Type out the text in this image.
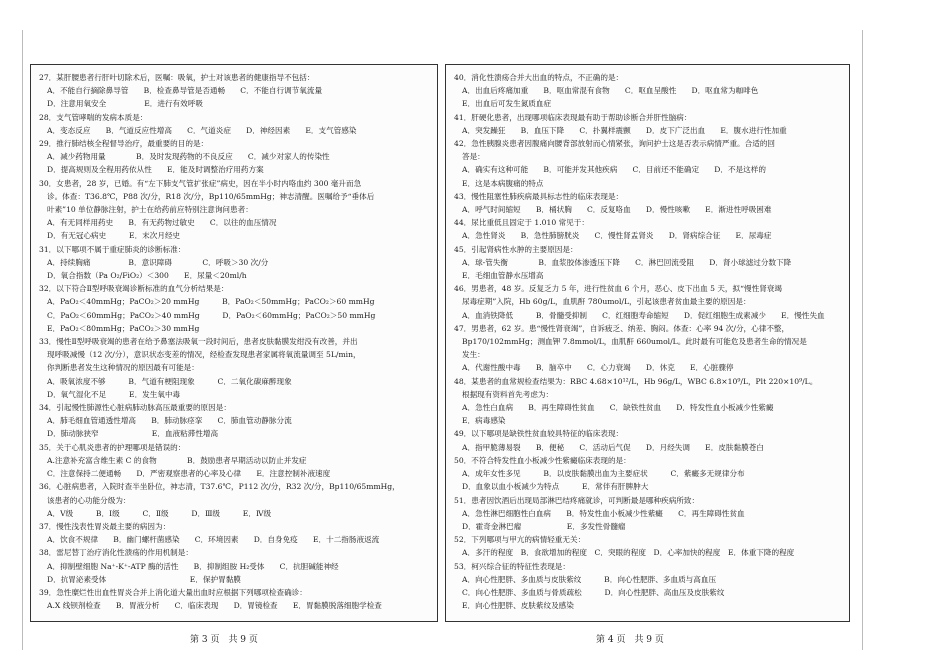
27．某肝腰患者行肝叶切除术后，医嘱：吸氧，护士对该患者的健康指导不包括：
A．不能自行摘除鼻导管　　B．检查鼻导管是否通畅　　C．不能自行调节氧流量
D．注意用氧安全　　　　　E．进行有效呼吸
28．支气管哮喘的发病本质是：
A．变态反应　　B．气道反应性增高　　C．气道炎症　　D．神经因素　　E．支气管感染
29．推行肺结核全程督导治疗，最重要的目的是：
A．减少药物用量　　　　B．及时发现药物的不良反应　　C．减少对家人的传染性
D．提高规则及全程用药依从性　　E．能及时调整治疗用药方案
30．女患者，28 岁，已婚。有“左下肺支气管扩张症”病史，因在半小时内咯血约 300 毫升而急
诊。体查：T36.8℃，P88 次/分，R18 次/分，Bp110/65mmHg；神志清醒。医嘱给予“垂体后
叶素”10 单位静脉注射，护士在给药前应特别注意询问患者：
A．有无同样用药史　　B．有无药物过敏史　　C．以往的血压情况
D．有无冠心病史　　　E．末次月经史
31．以下哪项不属于重症肺炎的诊断标准：
A．持续胸痛　　　　　B．意识障碍　　　　C．呼吸＞30 次/分
D．氧合指数（Pa O₂/FiO₂）＜300　　E．尿量＜20ml/h
32．以下符合Ⅱ型呼吸衰竭诊断标准的血气分析结果是：
A．PaO₂＜40mmHg；PaCO₂＞20 mmHg　　　B．PaO₂＜50mmHg；PaCO₂＞60 mmHg
C．PaO₂＜60mmHg；PaCO₂＞40 mmHg　　　D．PaO₂＜60mmHg；PaCO₂＞50 mmHg
E．PaO₂＜80mmHg；PaCO₂＞30 mmHg
33．慢性Ⅱ型呼吸衰竭的患者在给予鼻塞法吸氧一段时间后，患者皮肤黏膜发绀没有改善，并出
现呼吸减慢（12 次/分），意识状态变差的情况，经检查发现患者家属将氧流量调至 5L/min，
你判断患者发生这种情况的原因最有可能是：
A．吸氧浓度不够　　　B．气道有梗阻现象　　　C．二氧化碳麻醉现象
D．氧气湿化不足　　　E．发生氧中毒
34．引起慢性肺源性心脏病肺动脉高压最重要的原因是：
A．肺毛细血管通透性增高　　B．肺动脉痉挛　　C．肺血管动静脉分流
D．肺动脉狭窄　　　　　　　E．血液粘滞性增高
35．关于心肌炎患者的护理哪项是错误的：
A.注意补充富含维生素 C 的食物　　　　B．鼓励患者早期活动以防止并发症
C．注意保持二便通畅　　D．严密观察患者的心率及心律　　E．注意控制补液速度
36．心脏病患者，入院时查半坐卧位，神志清，T37.6℃，P112 次/分，R32 次/分，Bp110/65mmHg，
该患者的心功能分级为：
A．Ⅴ级　　　B．Ⅰ级　　　C．Ⅱ级　　　D．Ⅲ级　　　E．Ⅳ级
37．慢性浅表性胃炎最主要的病因为：
A．饮食不规律　　B．幽门螺杆菌感染　　C．环境因素　　D．自身免疫　　E．十二指肠液返流
38．雷尼替丁治疗消化性溃疡的作用机制是：
A．抑制壁细胞 Na⁺-K⁺-ATP 酶的活性　　B．抑制组胺 H₂受体　　C．抗胆碱能神经
D．抗胃泌素受体　　　　　　　　　　　E．保护胃黏膜
39．急性糜烂性出血性胃炎合并上消化道大量出血时应根据下列哪项检查确诊：
A.X 线钡剂检查　　B．胃液分析　　C．临床表现　　D．胃镜检查　　E．胃黏膜脱落细胞学检查
40．消化性溃疡合并大出血的特点，不正确的是：
A．出血后疼痛加重　　B．呕血常混有食物　　C．呕血呈酸性　　D．呕血常为咖啡色
E．出血后可发生氮质血症
41．肝硬化患者，出现哪项临床表现最有助于帮助诊断合并肝性脑病：
A．突发躁狂　　B．血压下降　　C．扑翼样震颤　　D．皮下广泛出血　　E．腹水进行性加重
42．急性胰腺炎患者因腹痛向腰背部放射而心情紧张，询问护士这是否表示病情严重。合适的回
答是：
A．确实有这种可能　　B．可能并发其他疾病　　C．目前还不能确定　　D．不是这样的
E．这是本病腹痛的特点
43．慢性阻塞性肺疾病最具标志性的临床表现是：
A．呼气时间缩短　　B．桶状胸　　C．反复咯血　　D．慢性咳嗽　　E．渐进性呼吸困难
44．尿比重低且固定于 1.010 常见于：
A．急性肾炎　　B．急性肺膀胱炎　　C．慢性肾盂肾炎　　D．肾病综合征　　E．尿毒症
45．引起肾病性水肿的主要原因是：
A．球-管失衡　　　　B．血浆胶体渗透压下降　　C．淋巴回流受阻　　D．肾小球滤过分数下降
E．毛细血管静水压增高
46．男患者，48 岁。反复乏力 5 年，进行性贫血 6 个月，恶心、皮下出血 5 天，拟“慢性肾衰竭
尿毒症期”入院，Hb 60g/L，血肌酐 780umol/L，引起该患者贫血最主要的原因是：
A．血消铁降低　　　B．骨髓受抑制　　C．红细胞寿命缩短　　D．促红细胞生成素减少　　E．慢性失血
47．男患者，62 岁。患“慢性肾衰竭”，自诉疲乏、纳差、胸闷。体查：心率 94 次/分，心律不整，
Bp170/102mmHg；测血钾 7.8mmol/L，血肌酐 660umol/L。此时最有可能危及患者生命的情况是
发生：
A．代谢性酸中毒　　B．脑卒中　　C．心力衰竭　　D．休克　　E．心脏骤停
48．某患者的血常规检查结果为：RBC 4.68×10¹²/L，Hb 96g/L，WBC 6.8×10⁹/L，Plt 220×10⁹/L。
根据现有资料首先考虑为：
A．急性白血病　　B．再生障碍性贫血　　C．缺铁性贫血　　D．特发性血小板减少性紫癜
E．病毒感染
49．以下哪项是缺铁性贫血较具特征的临床表现：
A．指甲脆薄易裂　　B．便秘　　C．活动后气促　　D．月经失调　　E．皮肤黏膜苍白
50．不符合特发性血小板减少性紫癜临床表现的是：
A．成年女性多见　　　B．以皮肤黏膜出血为主要症状　　　C．紫癜多无规律分布
D．血象以血小板减少为特点　　　E．常伴有肝脾肿大
51．患者因饮酒后出现局部淋巴结疼痛就诊，可判断最是哪种疾病所致：
A．急性淋巴细胞性白血病　　B．特发性血小板减少性紫癜　　C．再生障碍性贫血
D．霍奇金淋巴瘤　　　　　　E．多发性骨髓瘤
52．下列哪项与甲亢的病情轻重无关：
A．多汗的程度　B．食欲增加的程度　C．突眼的程度　D．心率加快的程度　E．体重下降的程度
53．柯兴综合征的特征性表现是：
A．向心性肥胖、多血质与皮肤紫纹　　　B．向心性肥胖、多血质与高血压
C．向心性肥胖、多血质与骨质疏松　　　D．向心性肥胖、高血压及皮肤紫纹
E．向心性肥胖、皮肤紫纹及感染
第 3 页　共 9 页	第 4 页　共 9 页
